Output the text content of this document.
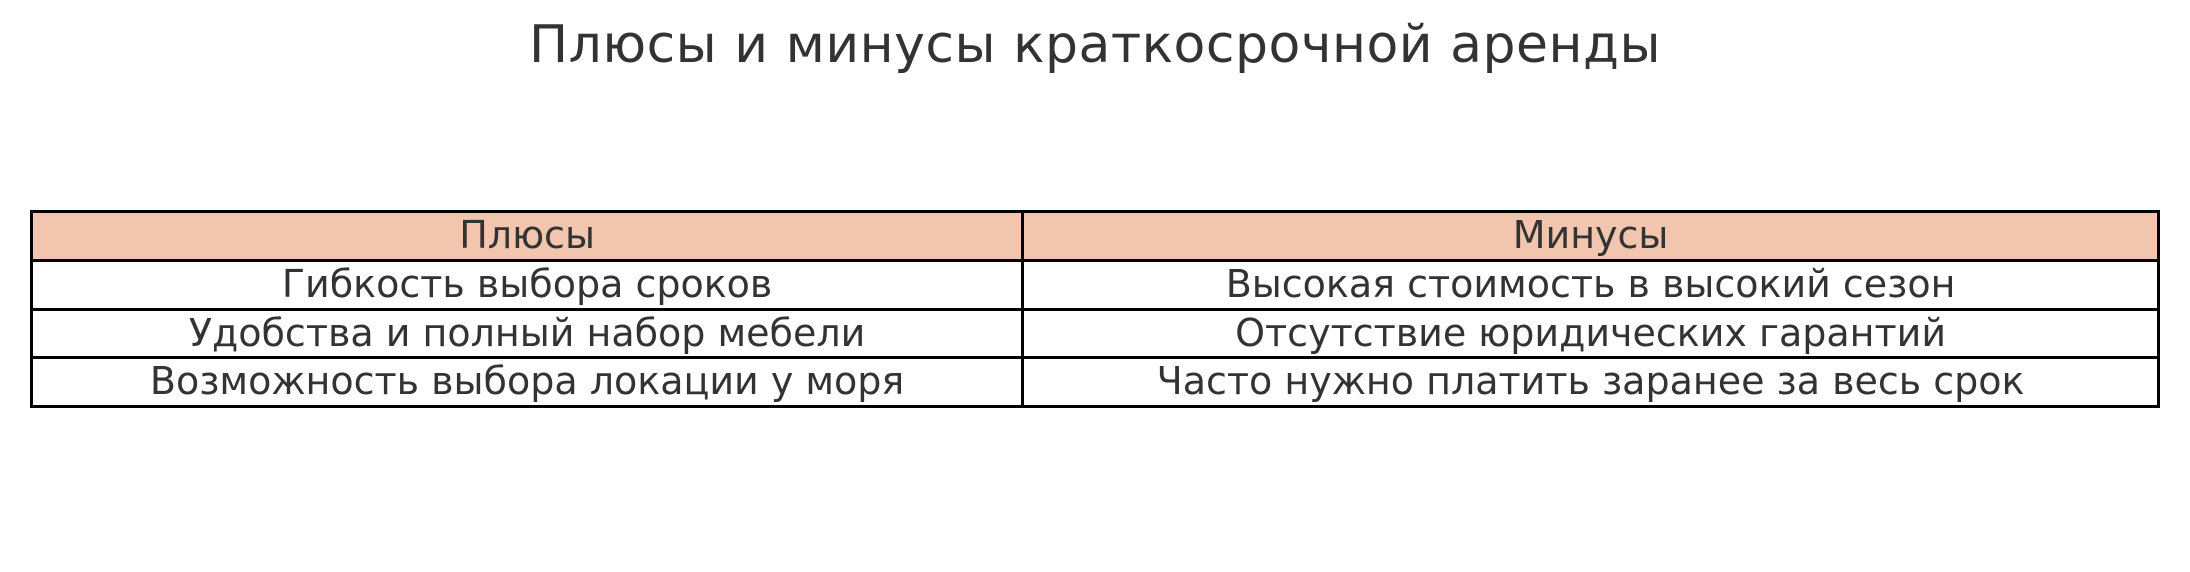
Плюсы и минусы краткосрочной аренды
Плюсы	Минусы
Гибкость выбора сроков	Высокая стоимость в высокий сезон
Удобства и полный набор мебели	Отсутствие юридических гарантий
Возможность выбора локации у моря	Часто нужно платить заранее за весь срок
